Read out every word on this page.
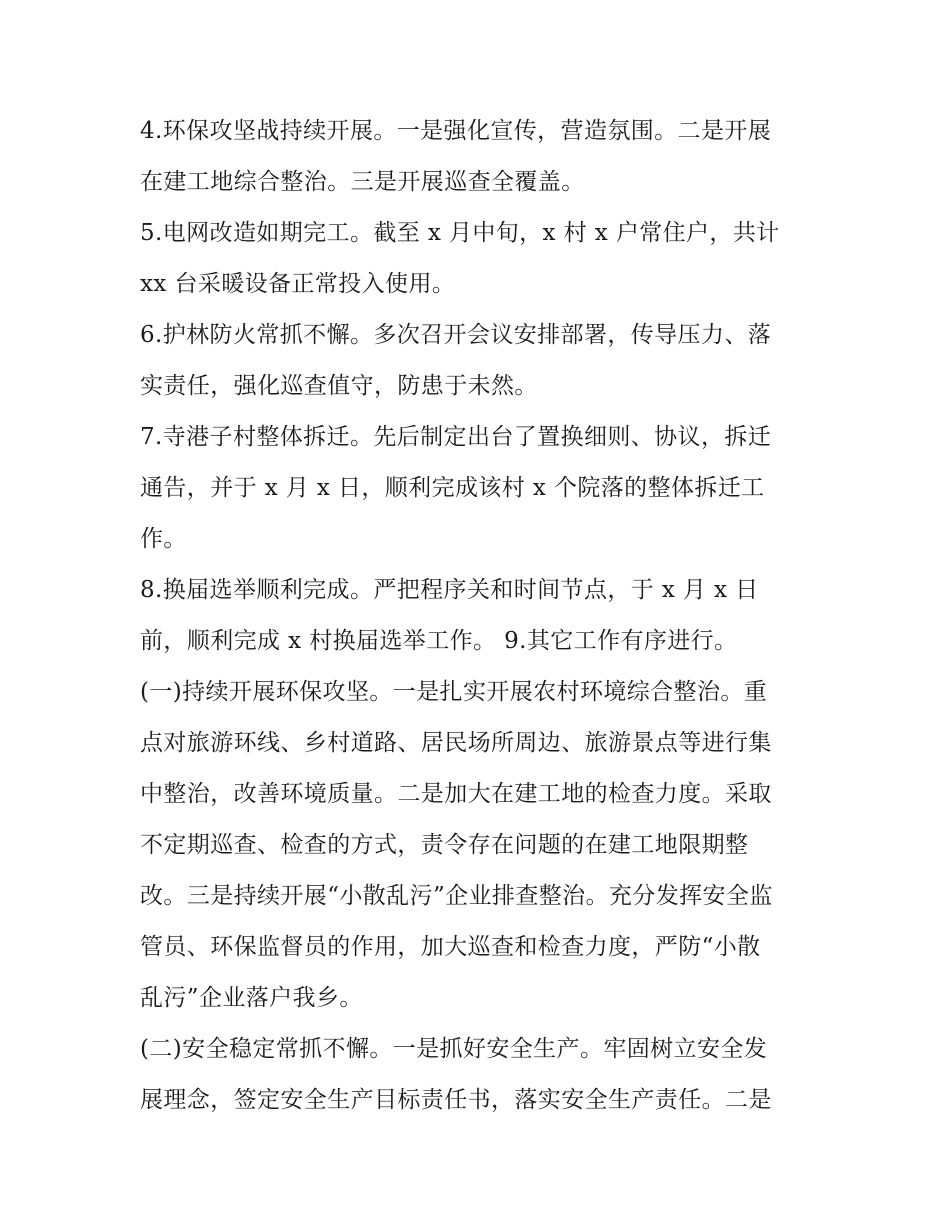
4.环保攻坚战持续开展。一是强化宣传，营造氛围。二是开展
在建工地综合整治。三是开展巡查全覆盖。

5.电网改造如期完工。截至 x 月中旬，x 村 x 户常住户，共计
xx 台采暖设备正常投入使用。

6.护林防火常抓不懈。多次召开会议安排部署，传导压力、落
实责任，强化巡查值守，防患于未然。

7.寺港子村整体拆迁。先后制定出台了置换细则、协议，拆迁
通告，并于 x 月 x 日，顺利完成该村 x 个院落的整体拆迁工
作。

8.换届选举顺利完成。严把程序关和时间节点，于 x 月 x 日
前，顺利完成 x 村换届选举工作。 9.其它工作有序进行。

(一)持续开展环保攻坚。一是扎实开展农村环境综合整治。重
点对旅游环线、乡村道路、居民场所周边、旅游景点等进行集
中整治，改善环境质量。二是加大在建工地的检查力度。采取
不定期巡查、检查的方式，责令存在问题的在建工地限期整
改。三是持续开展“小散乱污”企业排查整治。充分发挥安全监
管员、环保监督员的作用，加大巡查和检查力度，严防“小散
乱污”企业落户我乡。

(二)安全稳定常抓不懈。一是抓好安全生产。牢固树立安全发
展理念，签定安全生产目标责任书，落实安全生产责任。二是
